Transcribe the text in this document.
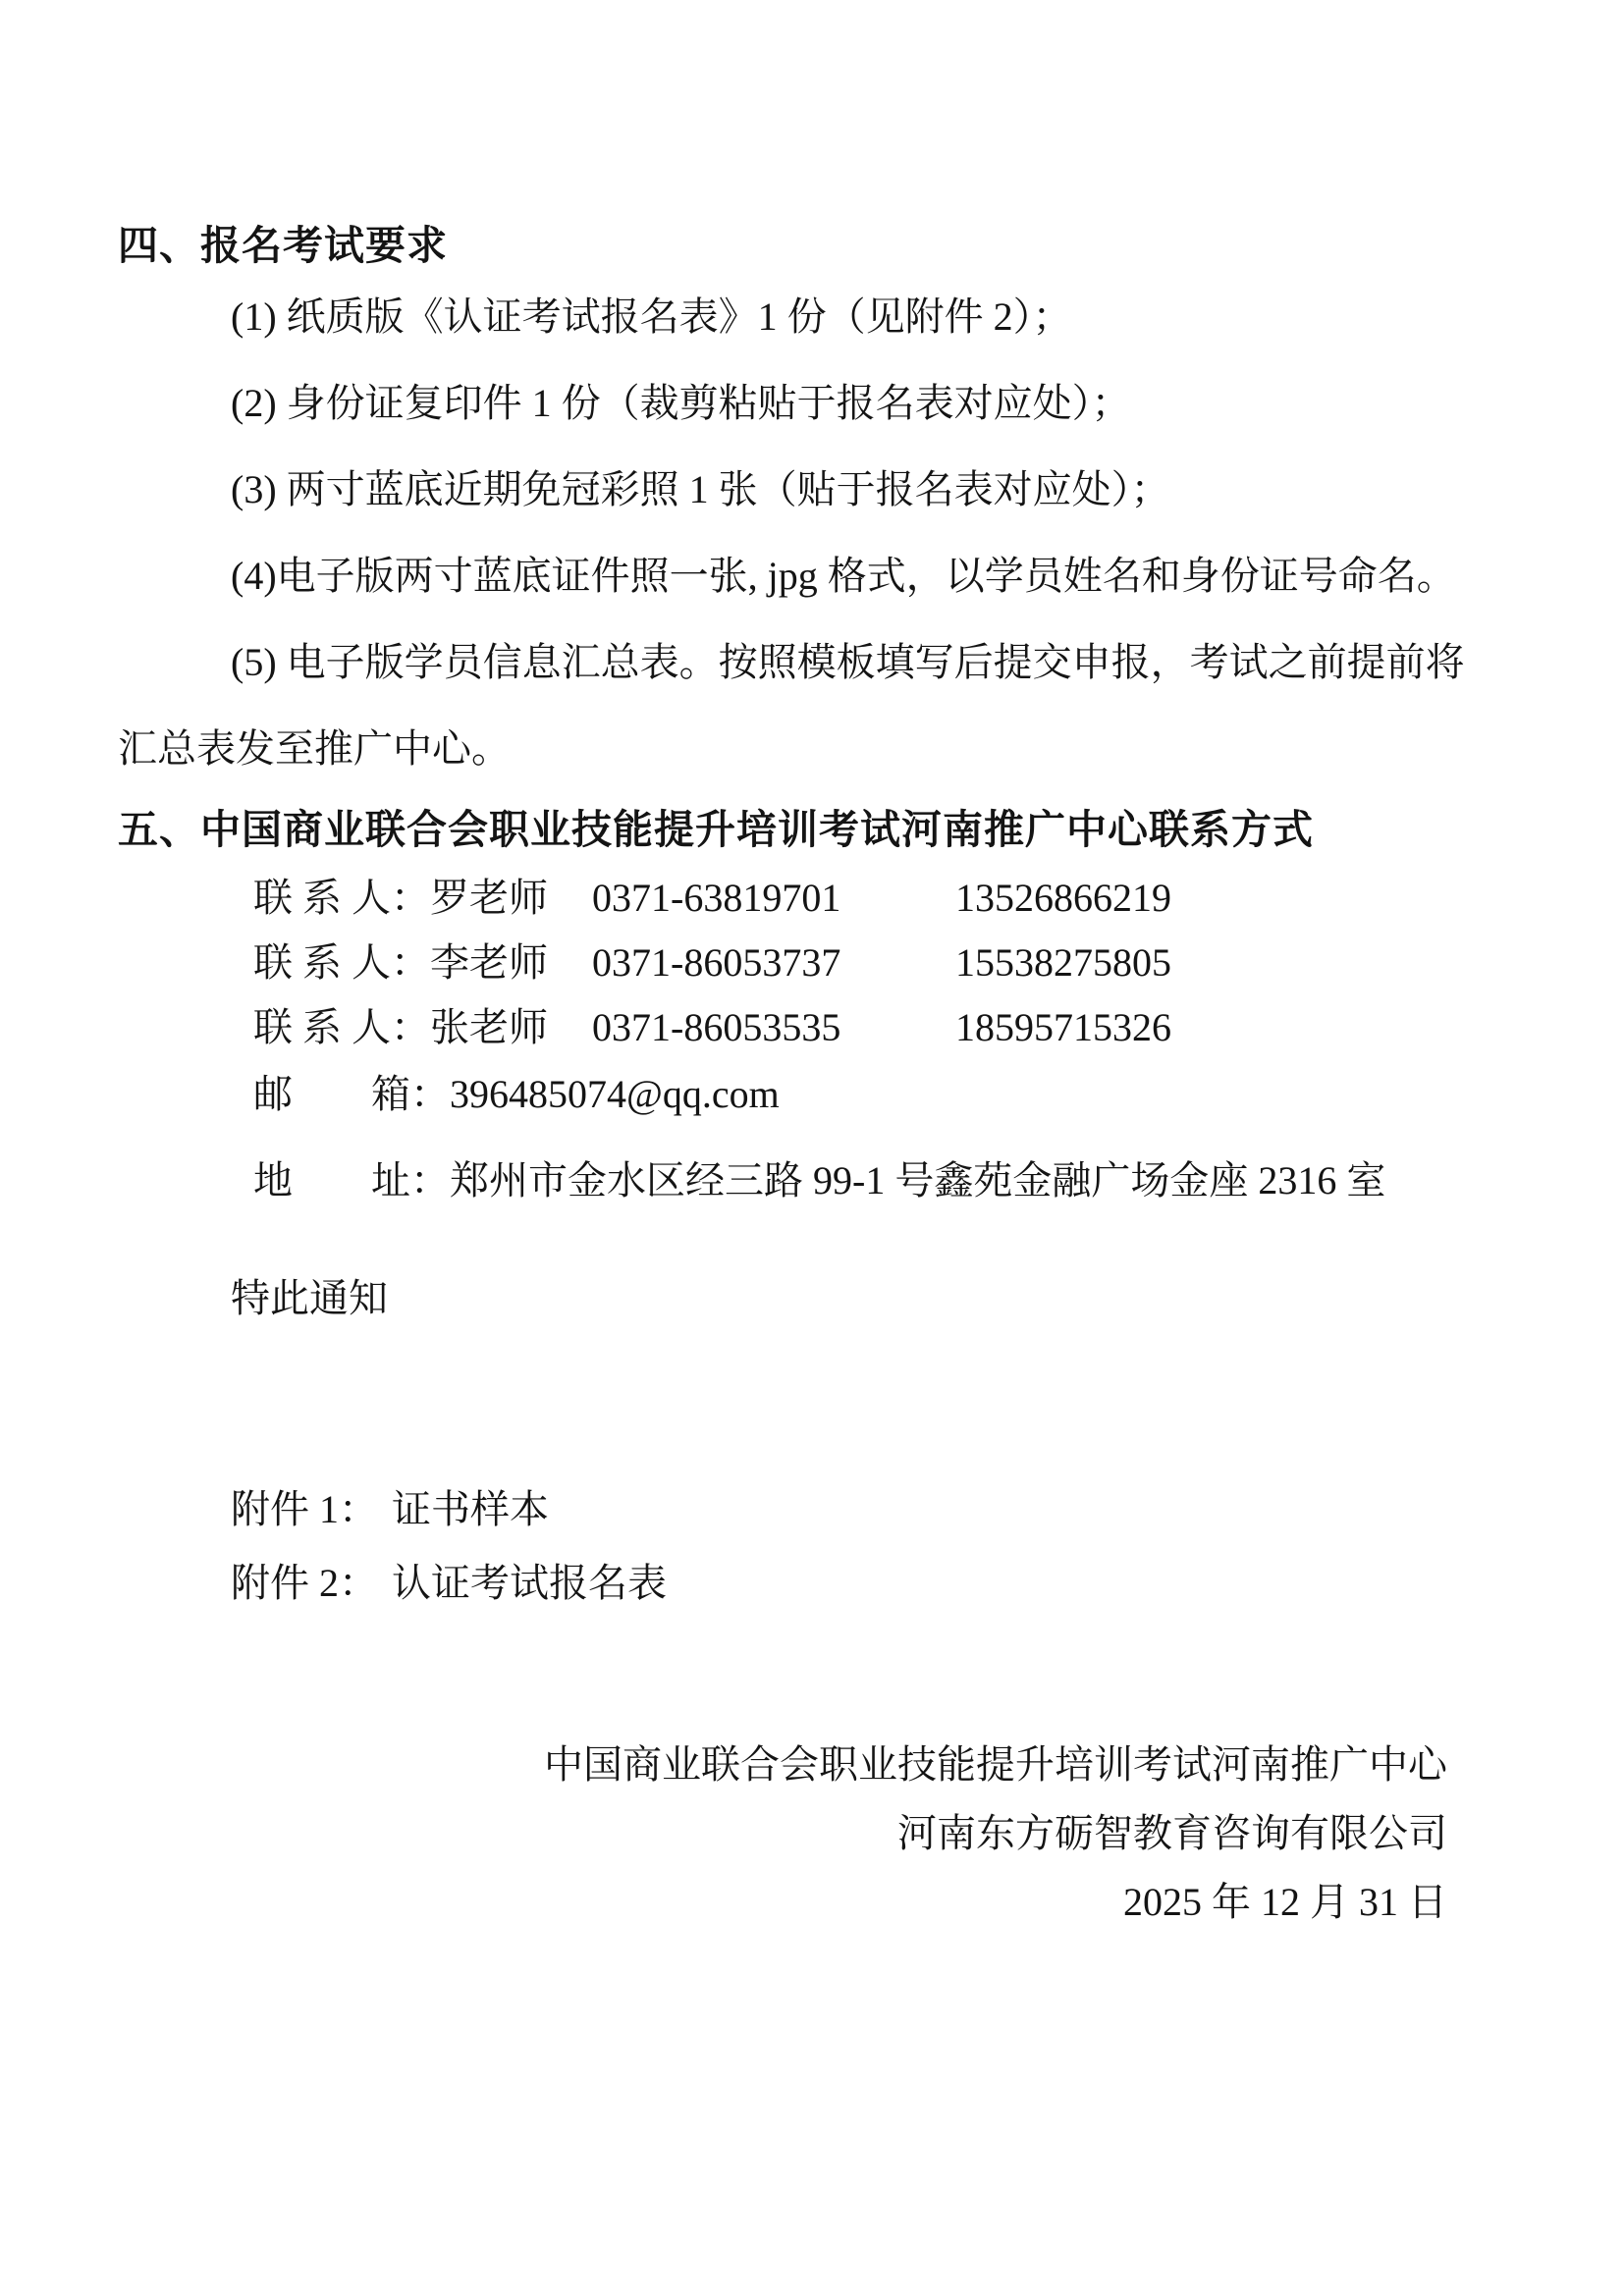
四、报名考试要求

(1) 纸质版《认证考试报名表》1 份（见附件 2）；

(2) 身份证复印件 1 份（裁剪粘贴于报名表对应处）；

(3) 两寸蓝底近期免冠彩照 1 张（贴于报名表对应处）；

(4)电子版两寸蓝底证件照一张, jpg 格式，以学员姓名和身份证号命名。

(5) 电子版学员信息汇总表。按照模板填写后提交申报，考试之前提前将

汇总表发至推广中心。

五、中国商业联合会职业技能提升培训考试河南推广中心联系方式
联 系 人：罗老师	0371-63819701	13526866219
联 系 人：李老师	0371-86053737	15538275805
联 系 人：张老师	0371-86053535	18595715326
邮　　箱： 396485074@qq.com
地　　址： 郑州市金水区经三路 99-1 号鑫苑金融广场金座 2316 室

特此通知

附件 1： 证书样本

附件 2： 认证考试报名表

中国商业联合会职业技能提升培训考试河南推广中心

河南东方砺智教育咨询有限公司

2025 年 12 月 31 日
